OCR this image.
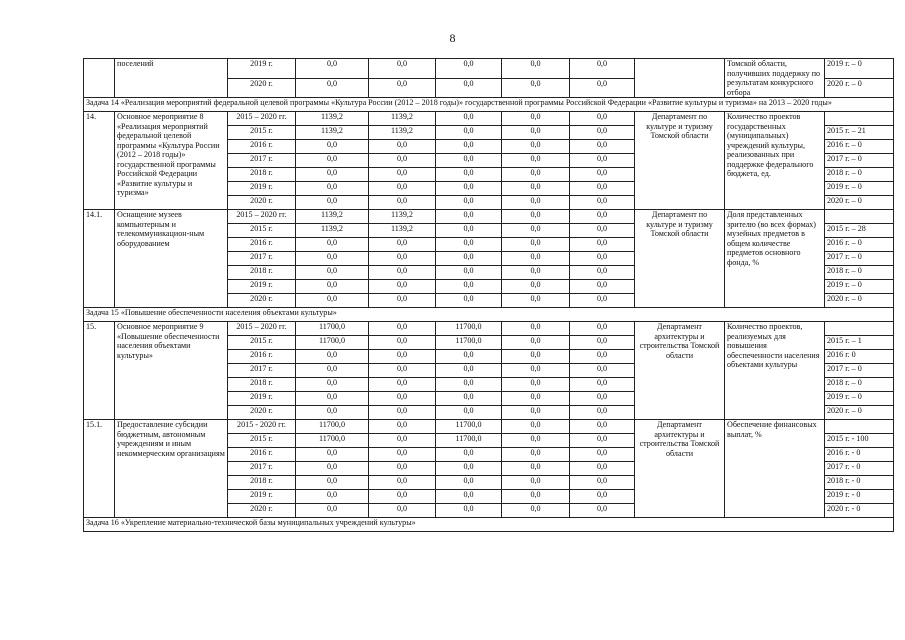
8
	поселений	2019 г.	0,0	0,0	0,0	0,0	0,0		Томской области, получивших поддержку по результатам конкурсного отбора	2019 г. – 0
		2020 г.	0,0	0,0	0,0	0,0	0,0			2020 г. – 0
Задача 14 «Реализация мероприятий федеральной целевой программы «Культура России (2012 – 2018 годы)» государственной программы Российской Федерации «Развитие культуры и туризма» на 2013 – 2020 годы»										
14.	Основное мероприятие 8 «Реализация мероприятий федеральной целевой программы «Культура России (2012 – 2018 годы)» государственной программы Российской Федерации «Развитие культуры и туризма»	2015 – 2020 гг.	1139,2	1139,2	0,0	0,0	0,0	Департамент по культуре и туризму Томской области	Количество проектов государственных (муниципальных) учреждений культуры, реализованных при поддержке федерального бюджета, ед.	
		2015 г.	1139,2	1139,2	0,0	0,0	0,0			2015 г. – 21
		2016 г.	0,0	0,0	0,0	0,0	0,0			2016 г. – 0
		2017 г.	0,0	0,0	0,0	0,0	0,0			2017 г. – 0
		2018 г.	0,0	0,0	0,0	0,0	0,0			2018 г. – 0
		2019 г.	0,0	0,0	0,0	0,0	0,0			2019 г. – 0
		2020 г.	0,0	0,0	0,0	0,0	0,0			2020 г. – 0
14.1.	Оснащение музеев компьютерным и телекоммуникацион-ным оборудованием	2015 – 2020 гг.	1139,2	1139,2	0,0	0,0	0,0	Департамент по культуре и туризму Томской области	Доля представленных зрителю (во всех формах) музейных предметов в общем количестве предметов основного фонда, %	
		2015 г.	1139,2	1139,2	0,0	0,0	0,0			2015 г. – 28
		2016 г.	0,0	0,0	0,0	0,0	0,0			2016 г. – 0
		2017 г.	0,0	0,0	0,0	0,0	0,0			2017 г. – 0
		2018 г.	0,0	0,0	0,0	0,0	0,0			2018 г. – 0
		2019 г.	0,0	0,0	0,0	0,0	0,0			2019 г. – 0
		2020 г.	0,0	0,0	0,0	0,0	0,0			2020 г. – 0
Задача 15 «Повышение обеспеченности населения объектами культуры»										
15.	Основное мероприятие 9 «Повышение обеспеченности населения объектами культуры»	2015 – 2020 гг.	11700,0	0,0	11700,0	0,0	0,0	Департамент архитектуры и строительства Томской области	Количество проектов, реализуемых для повышения обеспеченности населения объектами культуры	
		2015 г.	11700,0	0,0	11700,0	0,0	0,0			2015 г. – 1
		2016 г.	0,0	0,0	0,0	0,0	0,0			2016 г. 0
		2017 г.	0,0	0,0	0,0	0,0	0,0			2017 г. – 0
		2018 г.	0,0	0,0	0,0	0,0	0,0			2018 г. – 0
		2019 г.	0,0	0,0	0,0	0,0	0,0			2019 г. – 0
		2020 г.	0,0	0,0	0,0	0,0	0,0			2020 г. – 0
15.1.	Предоставление субсидии бюджетным, автономным учреждениям и иным некоммерческим организациям	2015 - 2020 гг.	11700,0	0,0	11700,0	0,0	0,0	Департамент архитектуры и строительства Томской области	Обеспечение финансовых выплат, %	
		2015 г.	11700,0	0,0	11700,0	0,0	0,0			2015 г. - 100
		2016 г.	0,0	0,0	0,0	0,0	0,0			2016 г. - 0
		2017 г.	0,0	0,0	0,0	0,0	0,0			2017 г. - 0
		2018 г.	0,0	0,0	0,0	0,0	0,0			2018 г. - 0
		2019 г.	0,0	0,0	0,0	0,0	0,0			2019 г. - 0
		2020 г.	0,0	0,0	0,0	0,0	0,0			2020 г. - 0
Задача 16 «Укрепление материально-технической базы муниципальных учреждений культуры»										
